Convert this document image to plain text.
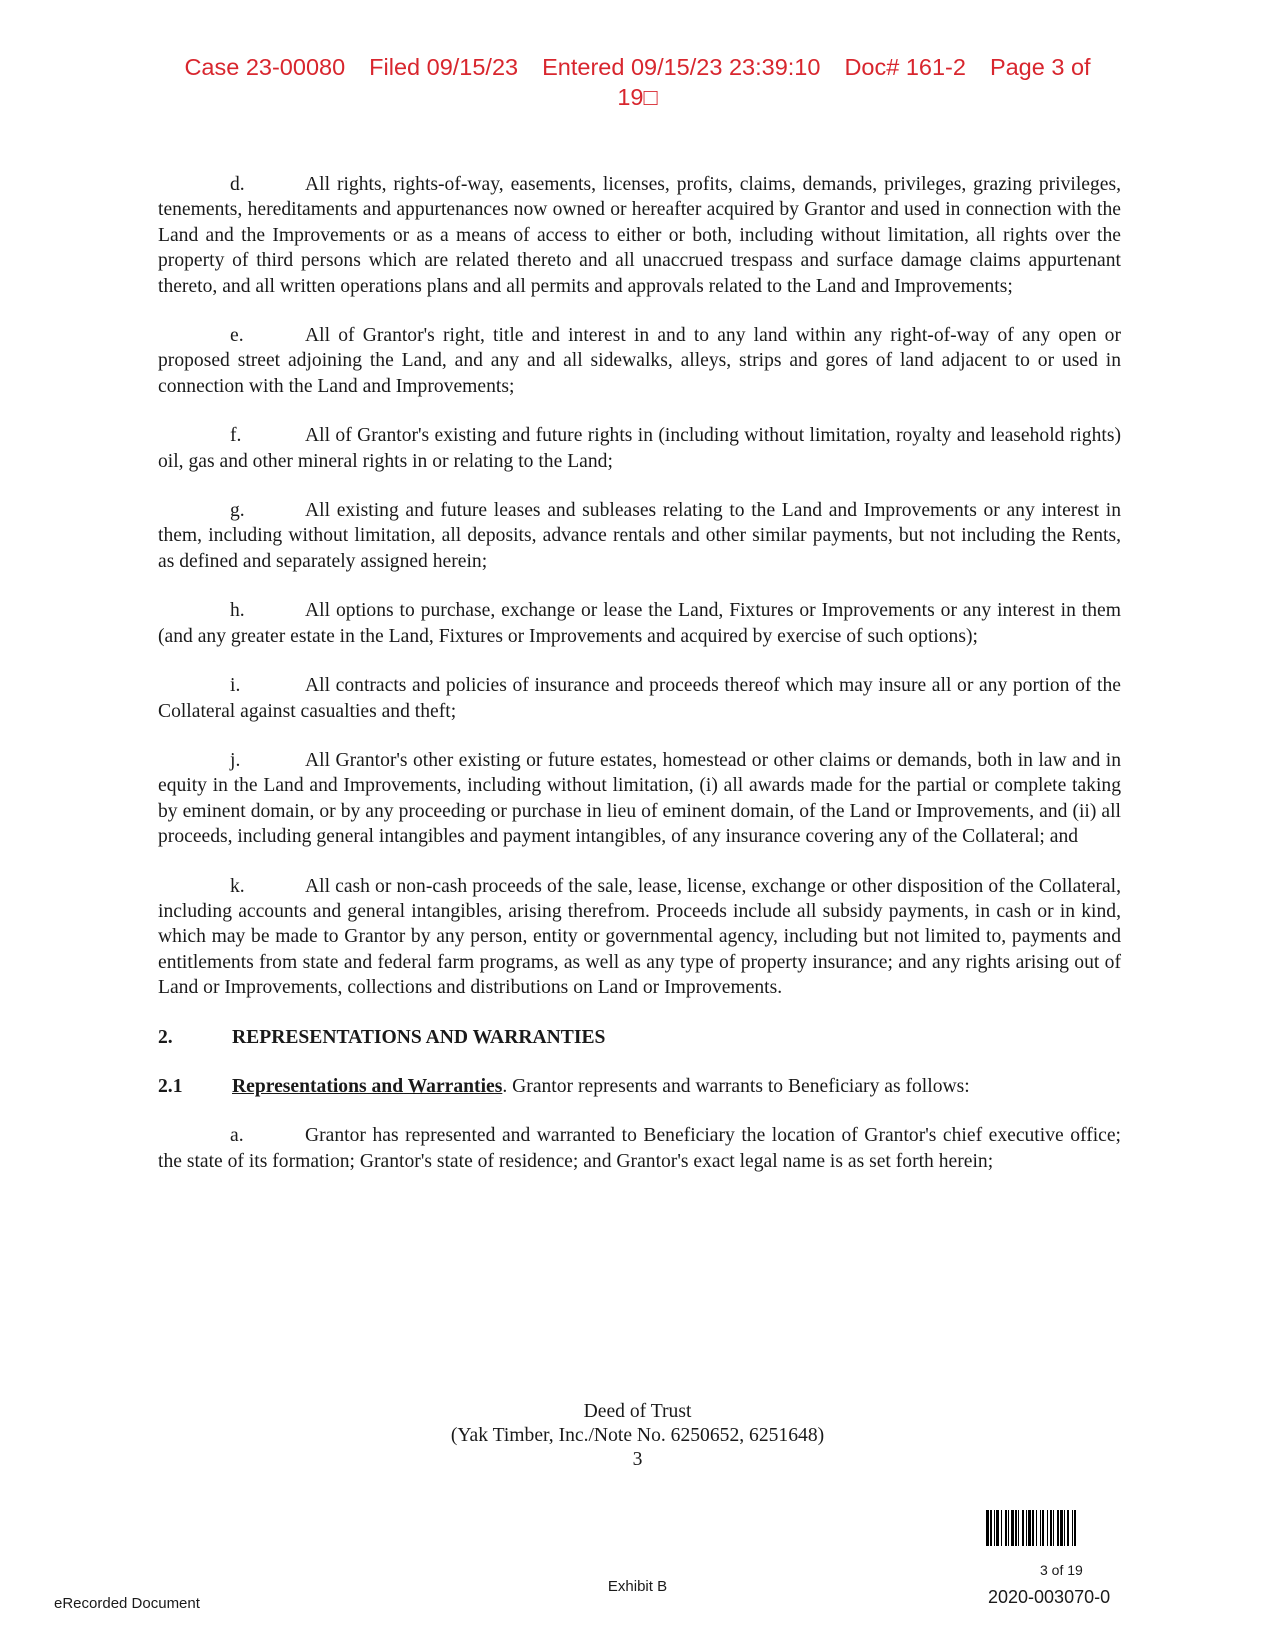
Case 23-00080 Filed 09/15/23 Entered 09/15/23 23:39:10 Doc# 161-2 Page 3 of
19□

d.	All rights, rights-of-way, easements, licenses, profits, claims, demands, privileges, grazing privileges, tenements, hereditaments and appurtenances now owned or hereafter acquired by Grantor and used in connection with the Land and the Improvements or as a means of access to either or both, including without limitation, all rights over the property of third persons which are related thereto and all unaccrued trespass and surface damage claims appurtenant thereto, and all written operations plans and all permits and approvals related to the Land and Improvements;

e.	All of Grantor's right, title and interest in and to any land within any right-of-way of any open or proposed street adjoining the Land, and any and all sidewalks, alleys, strips and gores of land adjacent to or used in connection with the Land and Improvements;

f.	All of Grantor's existing and future rights in (including without limitation, royalty and leasehold rights) oil, gas and other mineral rights in or relating to the Land;

g.	All existing and future leases and subleases relating to the Land and Improvements or any interest in them, including without limitation, all deposits, advance rentals and other similar payments, but not including the Rents, as defined and separately assigned herein;

h.	All options to purchase, exchange or lease the Land, Fixtures or Improvements or any interest in them (and any greater estate in the Land, Fixtures or Improvements and acquired by exercise of such options);

i.	All contracts and policies of insurance and proceeds thereof which may insure all or any portion of the Collateral against casualties and theft;

j.	All Grantor's other existing or future estates, homestead or other claims or demands, both in law and in equity in the Land and Improvements, including without limitation, (i) all awards made for the partial or complete taking by eminent domain, or by any proceeding or purchase in lieu of eminent domain, of the Land or Improvements, and (ii) all proceeds, including general intangibles and payment intangibles, of any insurance covering any of the Collateral; and

k.	All cash or non-cash proceeds of the sale, lease, license, exchange or other disposition of the Collateral, including accounts and general intangibles, arising therefrom. Proceeds include all subsidy payments, in cash or in kind, which may be made to Grantor by any person, entity or governmental agency, including but not limited to, payments and entitlements from state and federal farm programs, as well as any type of property insurance; and any rights arising out of Land or Improvements, collections and distributions on Land or Improvements.

2.	REPRESENTATIONS AND WARRANTIES
2.1	Representations and Warranties. Grantor represents and warrants to Beneficiary as follows:

a.	Grantor has represented and warranted to Beneficiary the location of Grantor's chief executive office; the state of its formation; Grantor's state of residence; and Grantor's exact legal name is as set forth herein;

Deed of Trust
(Yak Timber, Inc./Note No. 6250652, 6251648)
3
3 of 19
2020-003070-0
Exhibit B
eRecorded Document
